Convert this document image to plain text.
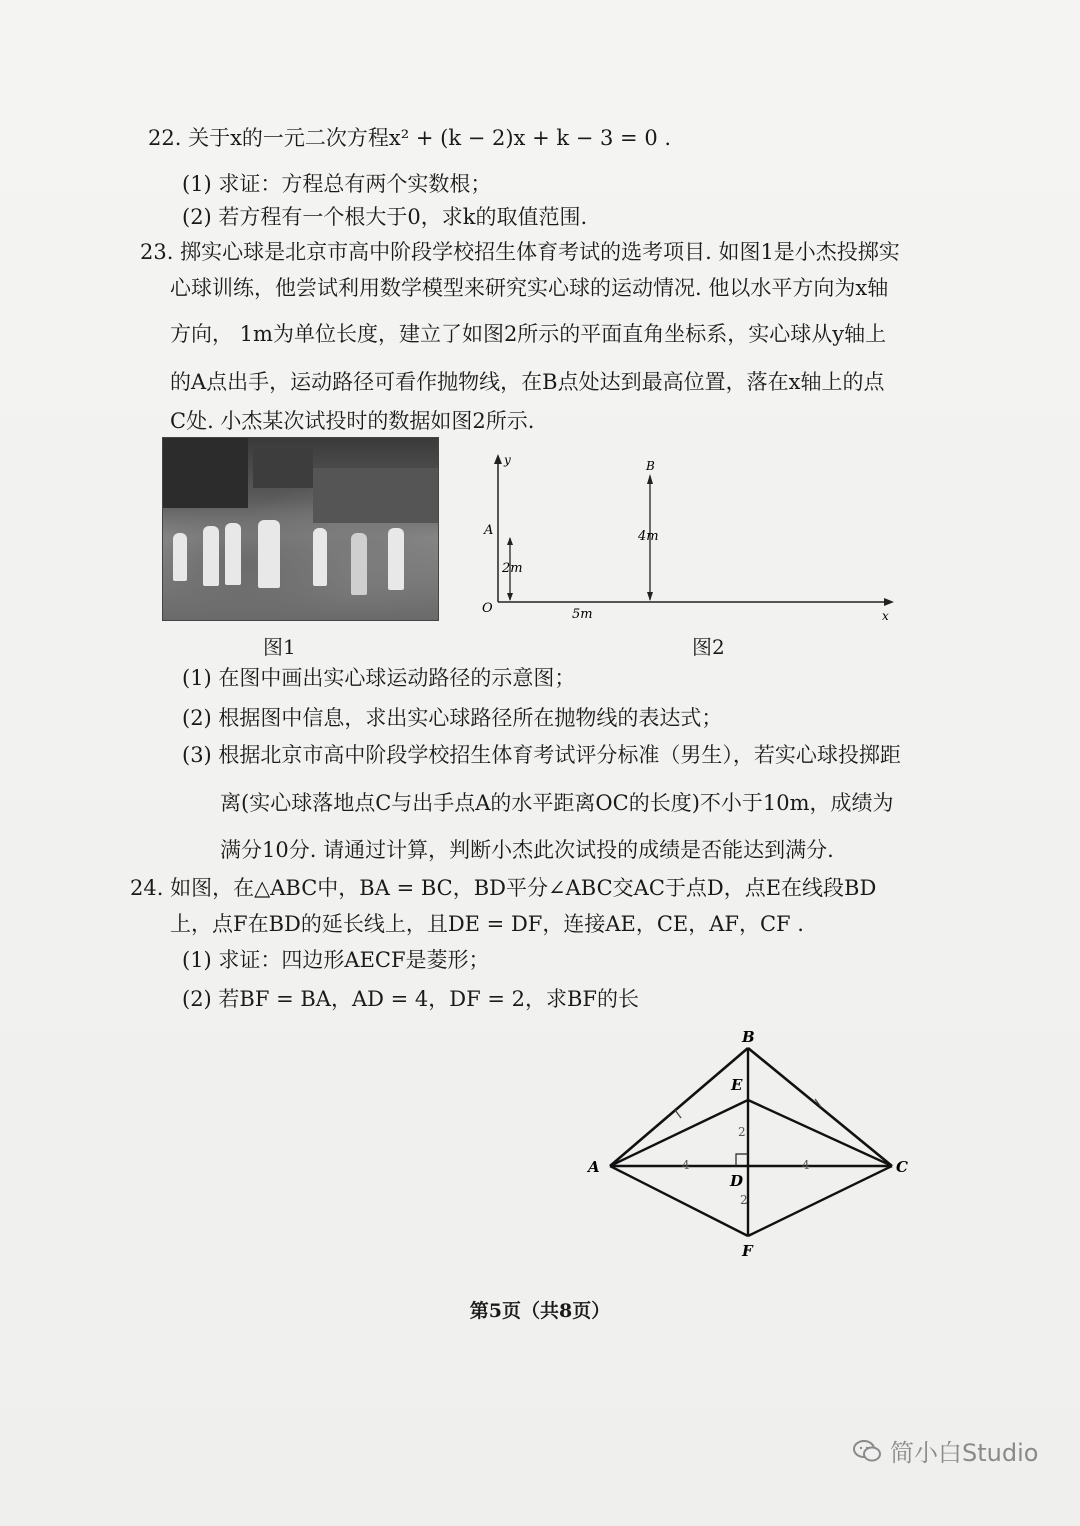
22. 关于x的一元二次方程x² + (k − 2)x + k − 3 = 0 .
(1) 求证：方程总有两个实数根；
(2) 若方程有一个根大于0，求k的取值范围.
23. 掷实心球是北京市高中阶段学校招生体育考试的选考项目. 如图1是小杰投掷实
心球训练，他尝试利用数学模型来研究实心球的运动情况. 他以水平方向为x轴
方向， 1m为单位长度，建立了如图2所示的平面直角坐标系，实心球从y轴上
的A点出手，运动路径可看作抛物线，在B点处达到最高位置，落在x轴上的点
C处. 小杰某次试投时的数据如图2所示.
图1
y
x
O
A
B
2m
4m
5m
图2
(1) 在图中画出实心球运动路径的示意图；
(2) 根据图中信息，求出实心球路径所在抛物线的表达式；
(3) 根据北京市高中阶段学校招生体育考试评分标准（男生），若实心球投掷距
离(实心球落地点C与出手点A的水平距离OC的长度)不小于10m，成绩为
满分10分. 请通过计算，判断小杰此次试投的成绩是否能达到满分.
24. 如图，在△ABC中，BA = BC，BD平分∠ABC交AC于点D，点E在线段BD
上，点F在BD的延长线上，且DE = DF，连接AE，CE，AF，CF .
(1) 求证：四边形AECF是菱形；
(2) 若BF = BA，AD = 4，DF = 2，求BF的长
4	4
2
2
B
E
A	C
D
F
第5页（共8页）
简小白Studio
